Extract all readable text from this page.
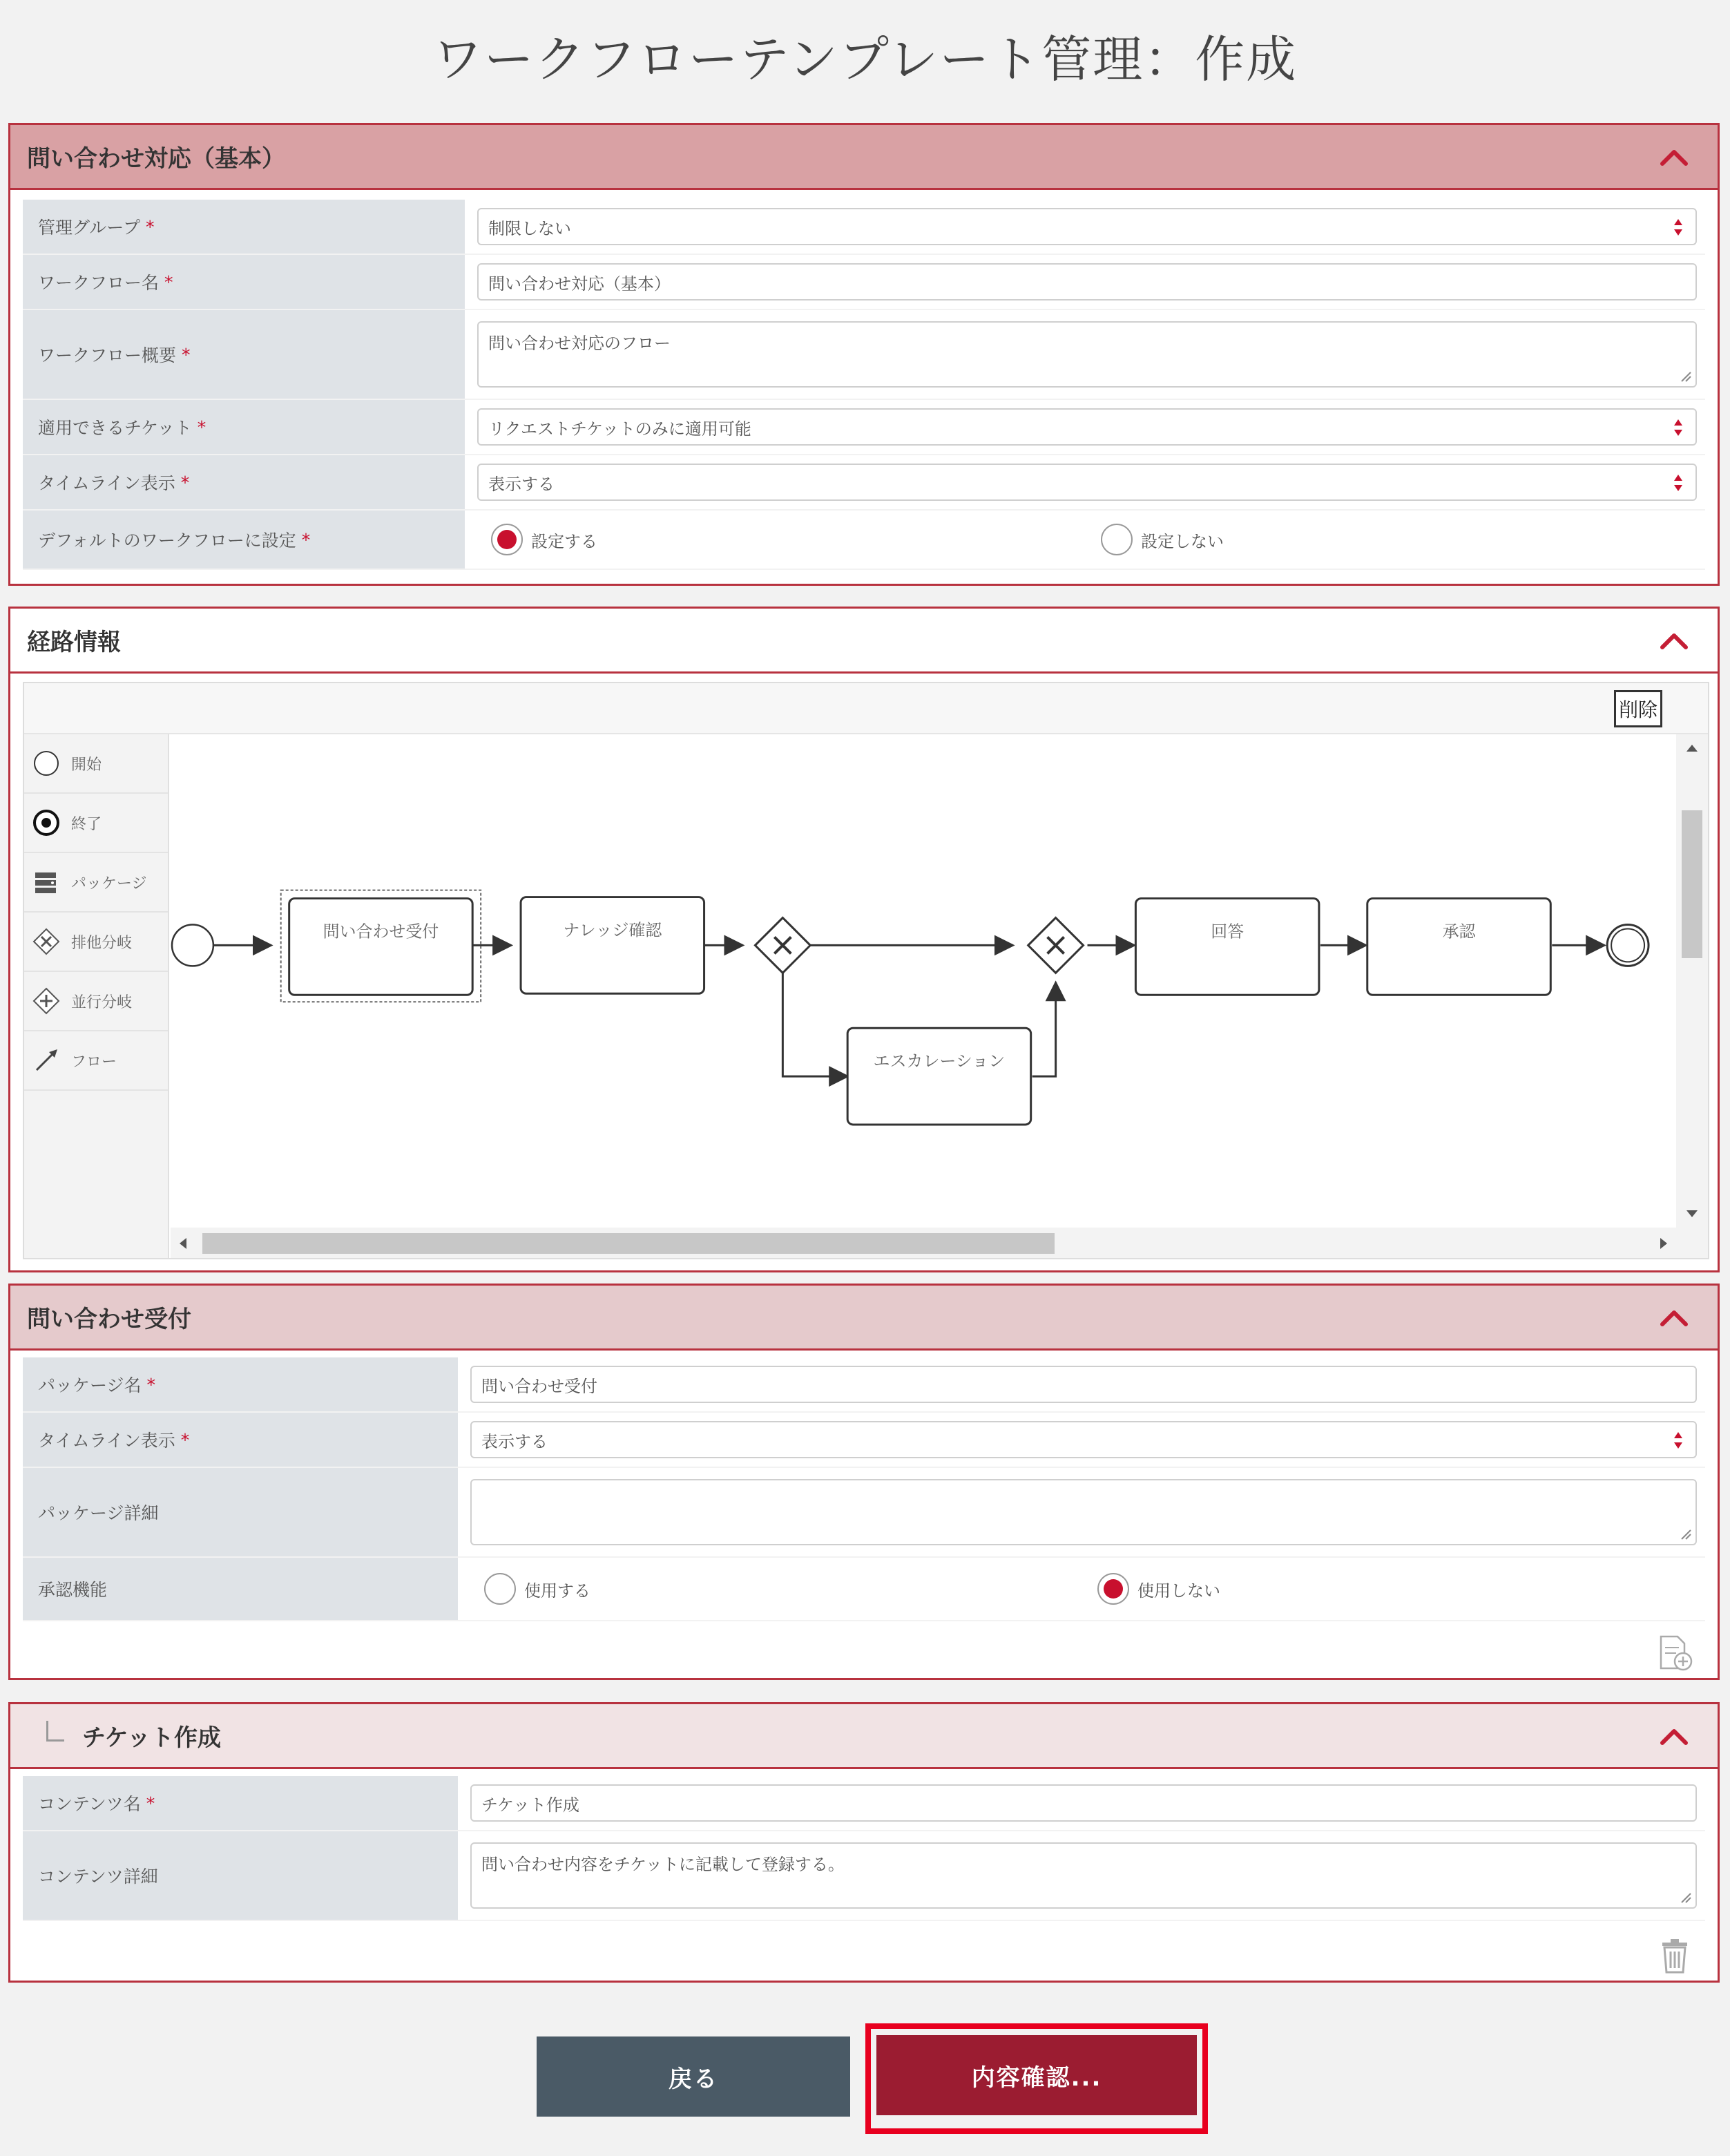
ワークフローテンプレート管理：作成
問い合わせ対応（基本）
管理グループ *	制限しない
ワークフロー名 *	問い合わせ対応（基本）
ワークフロー概要 *
問い合わせ対応のフロー
適用できるチケット *	リクエストチケットのみに適用可能
タイムライン表示 *	表示する
デフォルトのワークフローに設定 *	設定する	設定しない
経路情報
削除
開始
終了
パッケージ
排他分岐
並行分岐
フロー
問い合わせ受付	ナレッジ確認
エスカレーション
回答	承認
問い合わせ受付
パッケージ名 *	問い合わせ受付
タイムライン表示 *	表示する
パッケージ詳細
承認機能	使用する	使用しない
チケット作成
コンテンツ名 *	チケット作成
コンテンツ詳細
問い合わせ内容をチケットに記載して登録する。
戻る	内容確認...
